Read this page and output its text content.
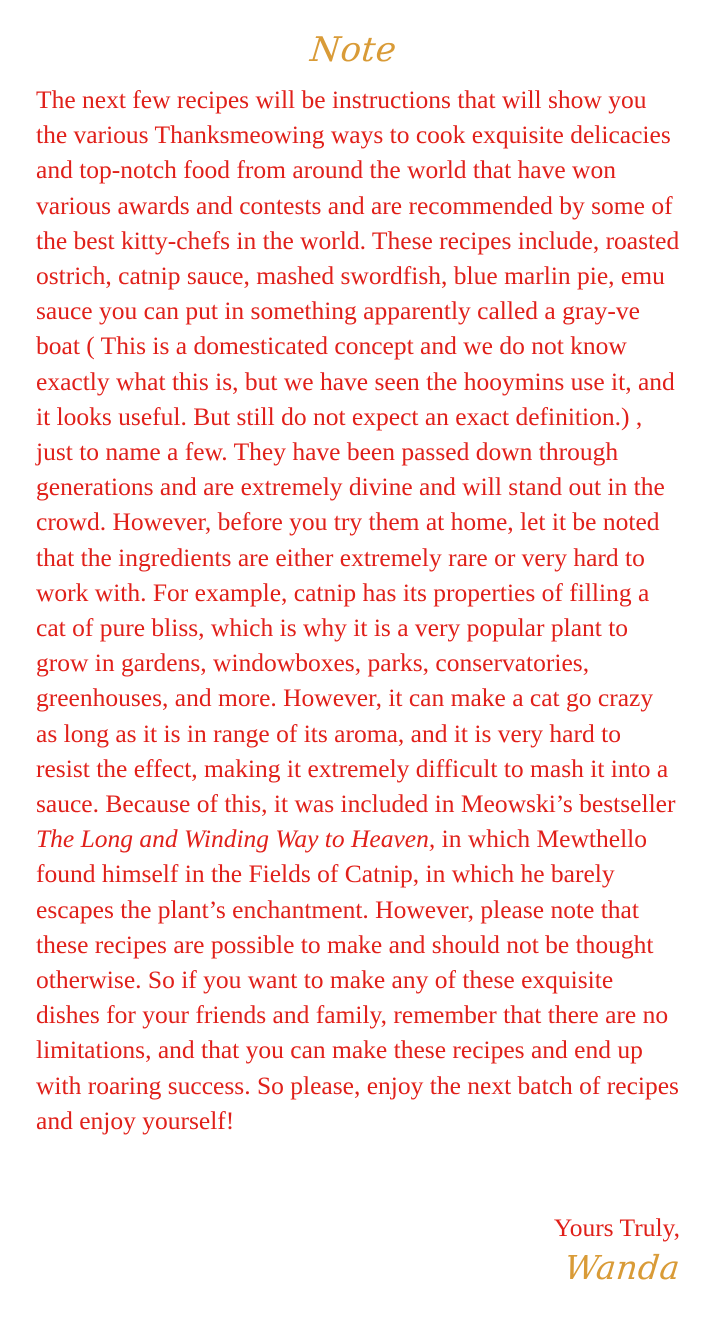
Note
The next few recipes will be instructions that will show you the various Thanksmeowing ways to cook exquisite delicacies and top-notch food from around the world that have won various awards and contests and are recommended by some of the best kitty-chefs in the world. These recipes include, roasted ostrich, catnip sauce, mashed swordfish, blue marlin pie, emu sauce you can put in something apparently called a gray-ve boat ( This is a domesticated concept and we do not know exactly what this is, but we have seen the hooymins use it, and it looks useful. But still do not expect an exact definition.) , just to name a few. They have been passed down through generations and are extremely divine and will stand out in the crowd. However, before you try them at home, let it be noted that the ingredients are either extremely rare or very hard to work with. For example, catnip has its properties of filling a cat of pure bliss, which is why it is a very popular plant to grow in gardens, windowboxes, parks, conservatories, greenhouses, and more. However, it can make a cat go crazy as long as it is in range of its aroma, and it is very hard to resist the effect, making it extremely difficult to mash it into a sauce. Because of this, it was included in Meowski’s bestseller The Long and Winding Way to Heaven, in which Mewthello found himself in the Fields of Catnip, in which he barely escapes the plant’s enchantment. However, please note that these recipes are possible to make and should not be thought otherwise. So if you want to make any of these exquisite dishes for your friends and family, remember that there are no limitations, and that you can make these recipes and end up with roaring success. So please, enjoy the next batch of recipes and enjoy yourself!
Yours Truly,
Wanda
